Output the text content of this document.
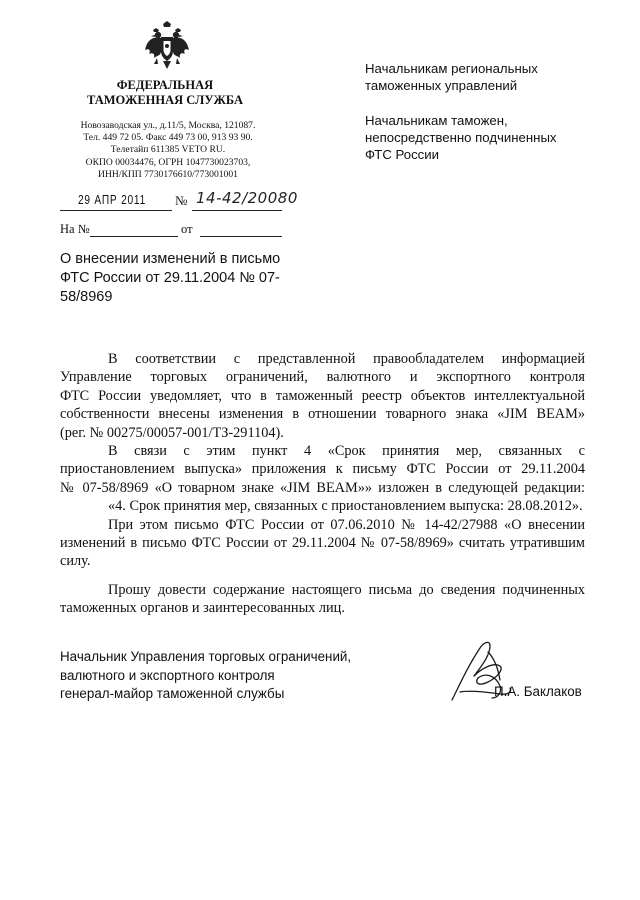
ФЕДЕРАЛЬНАЯ
ТАМОЖЕННАЯ СЛУЖБА
Новозаводская ул., д.11/5, Москва, 121087.
Тел. 449 72 05. Факс 449 73 00, 913 93 90.
Телетайп 611385 VETO RU.
ОКПО 00034476, ОГРН 1047730023703,
ИНН/КПП 7730176610/773001001
29 АПР 2011 № 14-42/20080
На №	от
Начальникам региональных
таможенных управлений
Начальникам таможен,
непосредственно подчиненных
ФТС России
О внесении изменений в письмо
ФТС России от 29.11.2004 № 07-
58/8969
В соответствии с представленной правообладателем информацией
Управление торговых ограничений, валютного и экспортного контроля
ФТС России уведомляет, что в таможенный реестр объектов интеллектуальной
собственности внесены изменения в отношении товарного знака «JIM BEAM»
(рег. № 00275/00057-001/ТЗ-291104).
В связи с этим пункт 4 «Срок принятия мер, связанных с
приостановлением выпуска» приложения к письму ФТС России от 29.11.2004
№ 07-58/8969 «О товарном знаке «JIM BEAM»» изложен в следующей редакции:
«4. Срок принятия мер, связанных с приостановлением выпуска: 28.08.2012».
При этом письмо ФТС России от 07.06.2010 № 14-42/27988 «О внесении
изменений в письмо ФТС России от 29.11.2004 № 07-58/8969» считать утратившим
силу.
Прошу довести содержание настоящего письма до сведения подчиненных
таможенных органов и заинтересованных лиц.
Начальник Управления торговых ограничений,
валютного и экспортного контроля
генерал-майор таможенной службы	П.А. Баклаков
